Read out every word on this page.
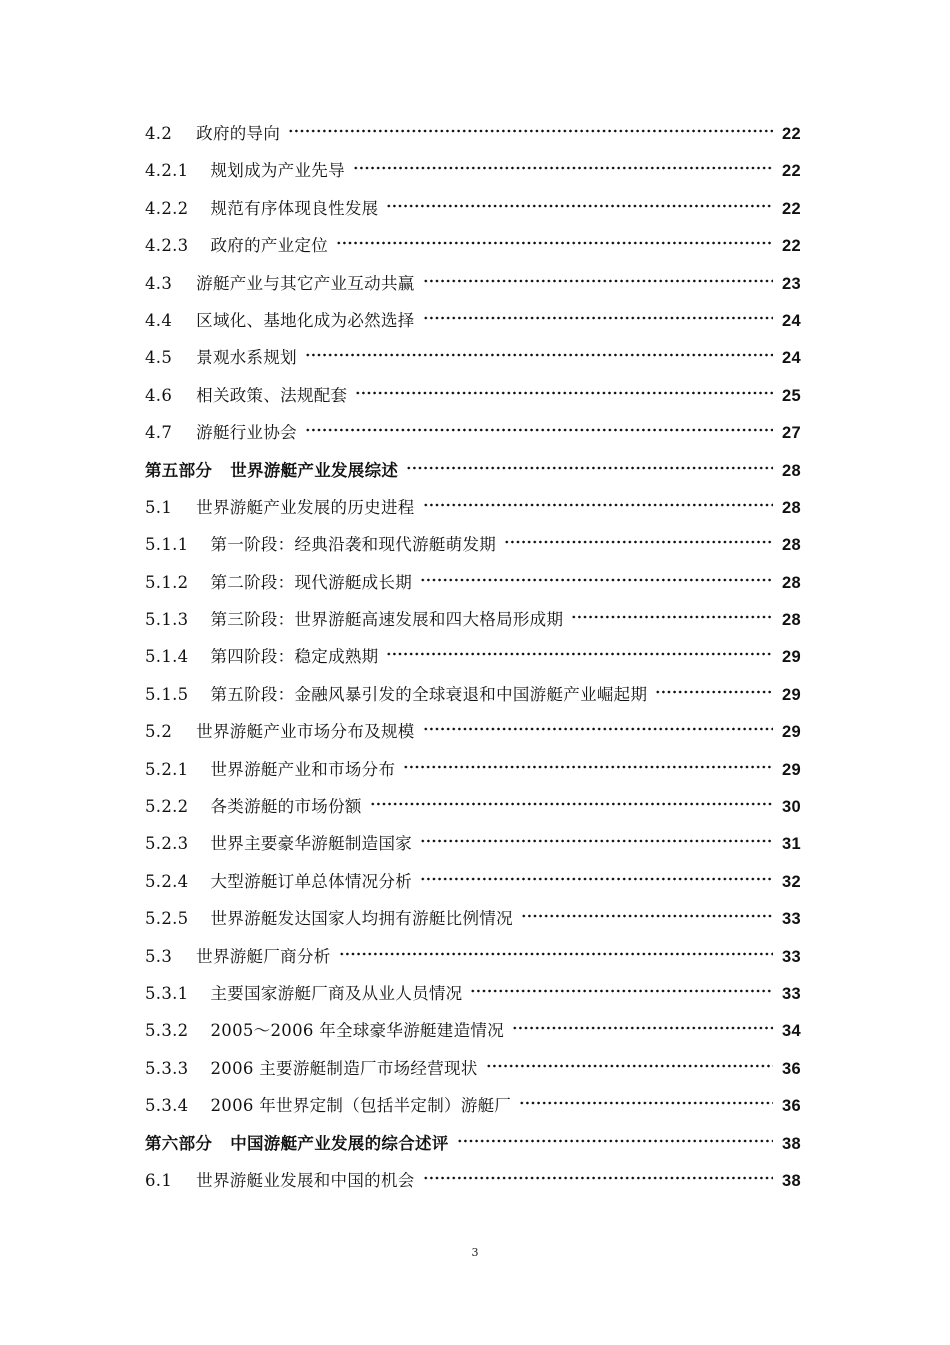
4.2 政府的导向	22
4.2.1 规划成为产业先导	22
4.2.2 规范有序体现良性发展	22
4.2.3 政府的产业定位	22
4.3 游艇产业与其它产业互动共赢	23
4.4 区域化、基地化成为必然选择	24
4.5 景观水系规划	24
4.6 相关政策、法规配套	25
4.7 游艇行业协会	27
第五部分 世界游艇产业发展综述	28
5.1 世界游艇产业发展的历史进程	28
5.1.1 第一阶段：经典沿袭和现代游艇萌发期	28
5.1.2 第二阶段：现代游艇成长期	28
5.1.3 第三阶段：世界游艇高速发展和四大格局形成期	28
5.1.4 第四阶段：稳定成熟期	29
5.1.5 第五阶段：金融风暴引发的全球衰退和中国游艇产业崛起期	29
5.2 世界游艇产业市场分布及规模	29
5.2.1 世界游艇产业和市场分布	29
5.2.2 各类游艇的市场份额	30
5.2.3 世界主要豪华游艇制造国家	31
5.2.4 大型游艇订单总体情况分析	32
5.2.5 世界游艇发达国家人均拥有游艇比例情况	33
5.3 世界游艇厂商分析	33
5.3.1 主要国家游艇厂商及从业人员情况	33
5.3.2 2005～2006 年全球豪华游艇建造情况	34
5.3.3 2006 主要游艇制造厂市场经营现状	36
5.3.4 2006 年世界定制（包括半定制）游艇厂	36
第六部分 中国游艇产业发展的综合述评	38
6.1 世界游艇业发展和中国的机会	38
3
